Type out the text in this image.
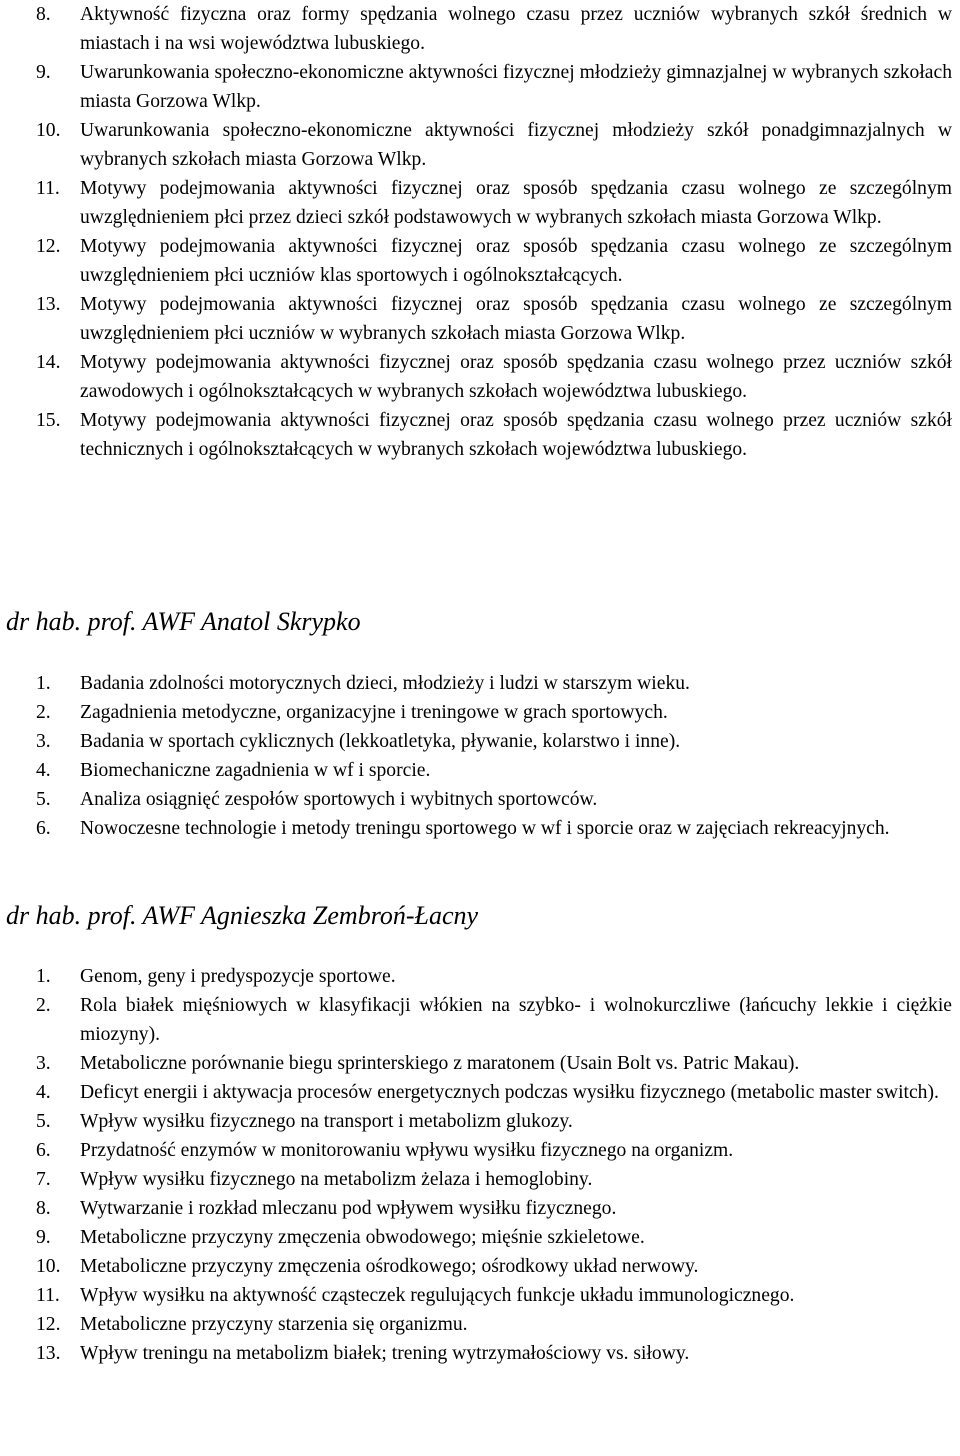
8.	Aktywność fizyczna oraz formy spędzania wolnego czasu przez uczniów wybranych szkół średnich w miastach i na wsi województwa lubuskiego.
9.	Uwarunkowania społeczno-ekonomiczne aktywności fizycznej młodzieży gimnazjalnej w wybranych szkołach miasta Gorzowa Wlkp.
10. Uwarunkowania społeczno-ekonomiczne aktywności fizycznej młodzieży szkół ponadgimnazjalnych w wybranych szkołach miasta Gorzowa Wlkp.
11.	Motywy podejmowania aktywności fizycznej oraz sposób spędzania czasu wolnego ze szczególnym uwzględnieniem płci przez dzieci szkół podstawowych w wybranych szkołach miasta Gorzowa Wlkp.
12. Motywy podejmowania aktywności fizycznej oraz sposób spędzania czasu wolnego ze szczególnym uwzględnieniem płci uczniów klas sportowych i ogólnokształcących.
13. Motywy podejmowania aktywności fizycznej oraz sposób spędzania czasu wolnego ze szczególnym uwzględnieniem płci uczniów w wybranych szkołach miasta Gorzowa Wlkp.
14. Motywy podejmowania aktywności fizycznej oraz sposób spędzania czasu wolnego przez uczniów szkół zawodowych i ogólnokształcących w wybranych szkołach województwa lubuskiego.
15. Motywy podejmowania aktywności fizycznej oraz sposób spędzania czasu wolnego przez uczniów szkół technicznych i ogólnokształcących w wybranych szkołach województwa lubuskiego.
dr hab. prof. AWF Anatol Skrypko
1.	Badania zdolności motorycznych dzieci, młodzieży i ludzi w starszym wieku.
2.	Zagadnienia metodyczne, organizacyjne i treningowe w grach sportowych.
3.	Badania w sportach cyklicznych (lekkoatletyka, pływanie, kolarstwo i inne).
4.	Biomechaniczne zagadnienia w wf i sporcie.
5.	Analiza osiągnięć zespołów sportowych i wybitnych sportowców.
6.	Nowoczesne technologie i metody treningu sportowego w wf i sporcie oraz w zajęciach rekreacyjnych.
dr hab. prof. AWF Agnieszka Zembroń-Łacny
1.	Genom, geny i predyspozycje sportowe.
2.	Rola białek mięśniowych w klasyfikacji włókien na szybko- i wolnokurczliwe (łańcuchy lekkie i ciężkie miozyny).
3.	Metaboliczne porównanie biegu sprinterskiego z maratonem (Usain Bolt vs. Patric Makau).
4.	Deficyt energii i aktywacja procesów energetycznych podczas wysiłku fizycznego (metabolic master switch).
5.	Wpływ wysiłku fizycznego na transport i metabolizm glukozy.
6.	Przydatność enzymów w monitorowaniu wpływu wysiłku fizycznego na organizm.
7.	Wpływ wysiłku fizycznego na metabolizm żelaza i hemoglobiny.
8.	Wytwarzanie i rozkład mleczanu pod wpływem wysiłku fizycznego.
9.	Metaboliczne przyczyny zmęczenia obwodowego; mięśnie szkieletowe.
10. Metaboliczne przyczyny zmęczenia ośrodkowego; ośrodkowy układ nerwowy.
11.	Wpływ wysiłku na aktywność cząsteczek regulujących funkcje układu immunologicznego.
12. Metaboliczne przyczyny starzenia się organizmu.
13. Wpływ treningu na metabolizm białek; trening wytrzymałościowy vs. siłowy.
